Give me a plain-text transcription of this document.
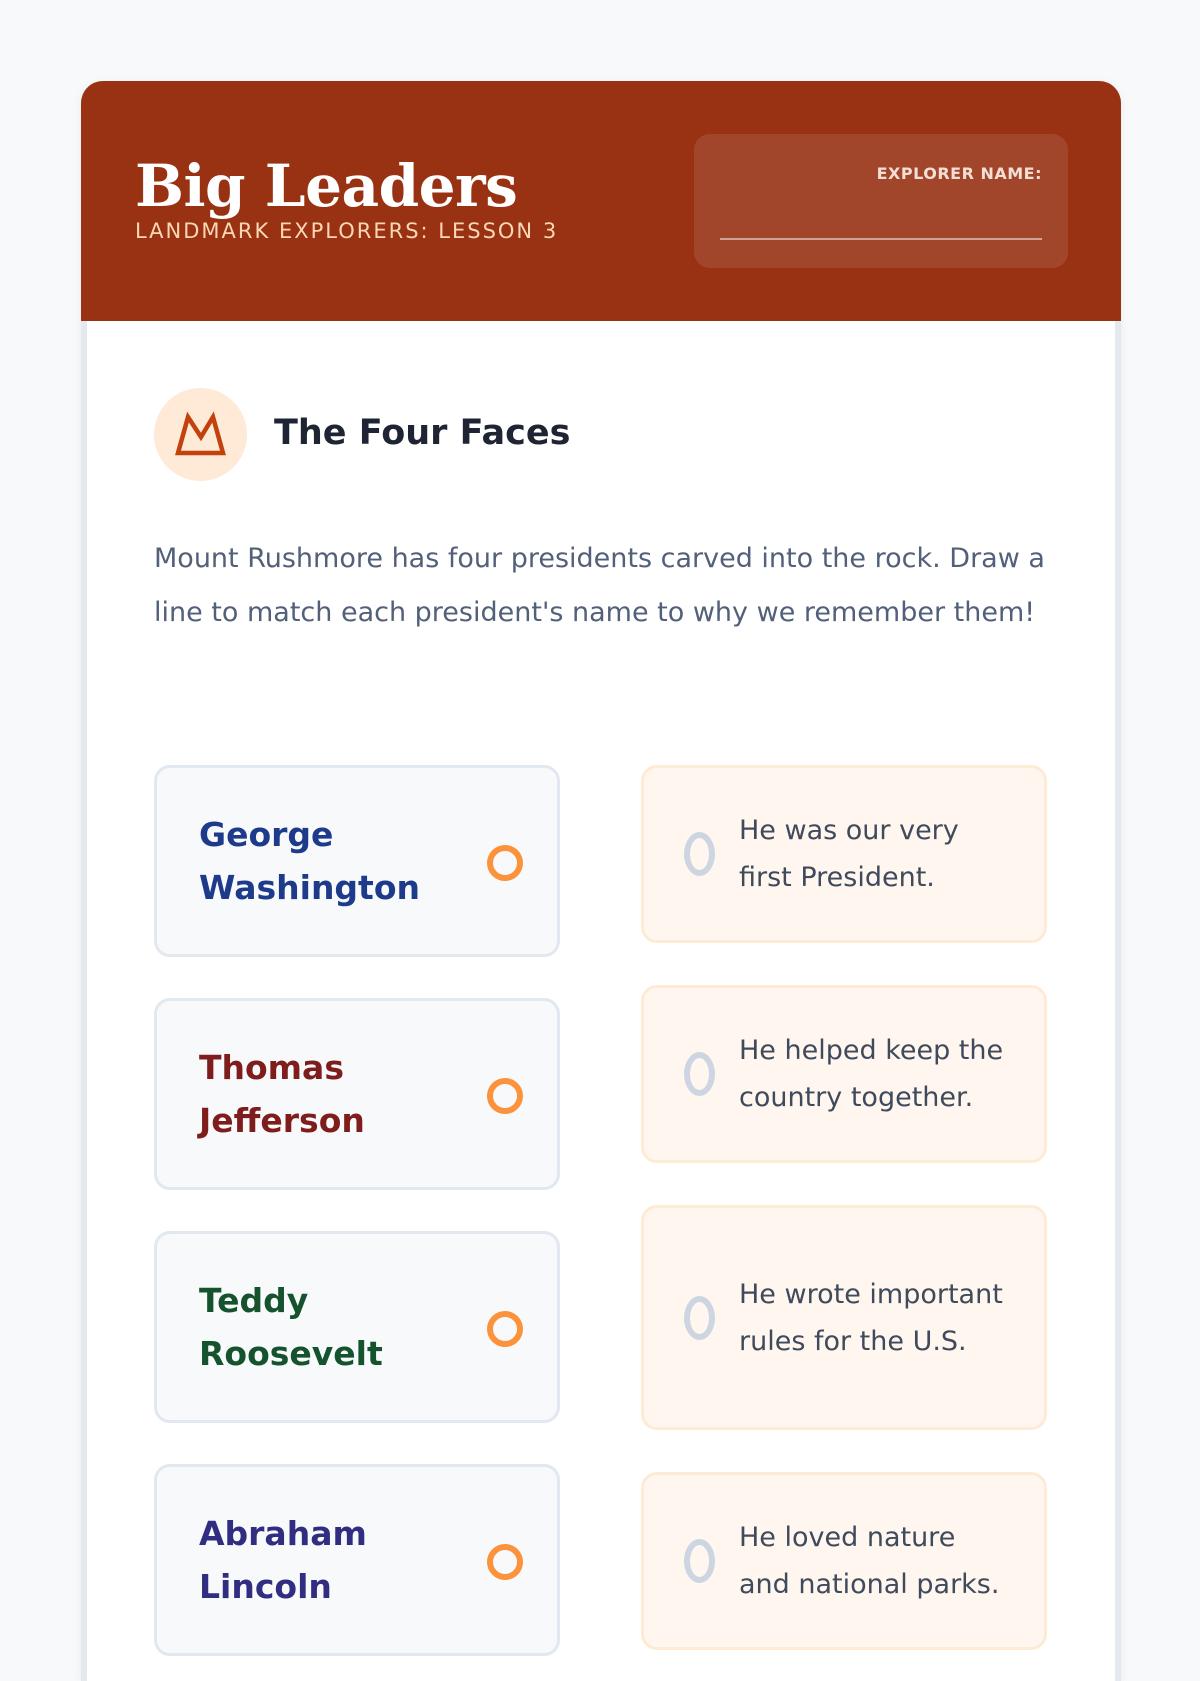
Big Leaders
LANDMARK EXPLORERS: LESSON 3
EXPLORER NAME:
The Four Faces

Mount Rushmore has four presidents carved into the rock. Draw a line to match each president's name to why we remember them!

George Washington
Thomas Jefferson
Teddy Roosevelt
Abraham Lincoln
He was our very first President.
He helped keep the country together.
He wrote important rules for the U.S.
He loved nature and national parks.
